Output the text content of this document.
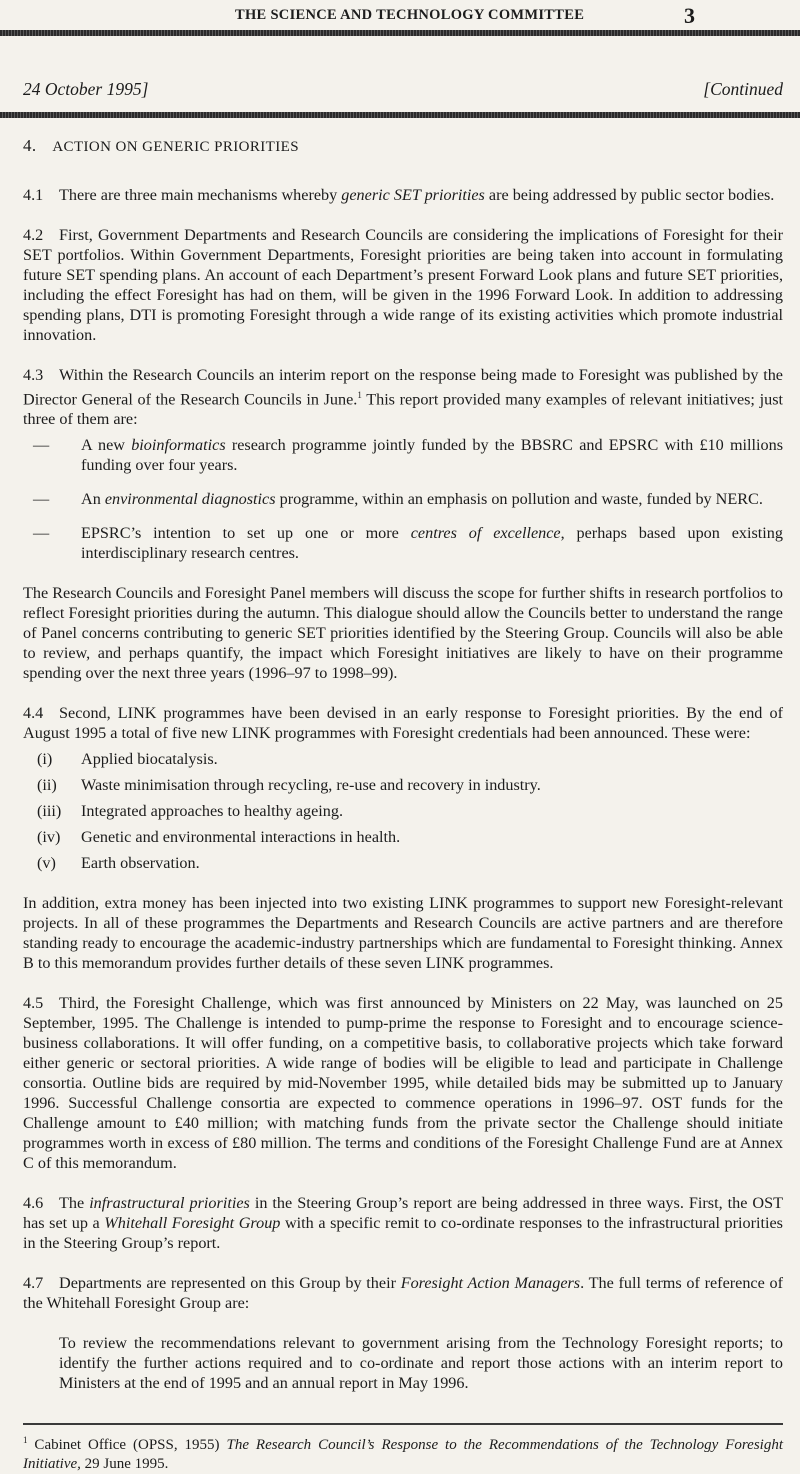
THE SCIENCE AND TECHNOLOGY COMMITTEE	3
24 October 1995]	[Continued
4. ACTION ON GENERIC PRIORITIES

4.1 There are three main mechanisms whereby generic SET priorities are being addressed by public sector bodies.

4.2 First, Government Departments and Research Councils are considering the implications of Foresight for their SET portfolios. Within Government Departments, Foresight priorities are being taken into account in formulating future SET spending plans. An account of each Department’s present Forward Look plans and future SET priorities, including the effect Foresight has had on them, will be given in the 1996 Forward Look. In addition to addressing spending plans, DTI is promoting Foresight through a wide range of its existing activities which promote industrial innovation.

4.3 Within the Research Councils an interim report on the response being made to Foresight was published by the Director General of the Research Councils in June.$^1$ This report provided many examples of relevant initiatives; just three of them are:

— A new bioinformatics research programme jointly funded by the BBSRC and EPSRC with £10 millions funding over four years.
— An environmental diagnostics programme, within an emphasis on pollution and waste, funded by NERC.
— EPSRC’s intention to set up one or more centres of excellence, perhaps based upon existing interdisciplinary research centres.

The Research Councils and Foresight Panel members will discuss the scope for further shifts in research portfolios to reflect Foresight priorities during the autumn. This dialogue should allow the Councils better to understand the range of Panel concerns contributing to generic SET priorities identified by the Steering Group. Councils will also be able to review, and perhaps quantify, the impact which Foresight initiatives are likely to have on their programme spending over the next three years (1996–97 to 1998–99).

4.4 Second, LINK programmes have been devised in an early response to Foresight priorities. By the end of August 1995 a total of five new LINK programmes with Foresight credentials had been announced. These were:

(i) Applied biocatalysis.
(ii) Waste minimisation through recycling, re-use and recovery in industry.
(iii) Integrated approaches to healthy ageing.
(iv) Genetic and environmental interactions in health.
(v) Earth observation.

In addition, extra money has been injected into two existing LINK programmes to support new Foresight-relevant projects. In all of these programmes the Departments and Research Councils are active partners and are therefore standing ready to encourage the academic-industry partnerships which are fundamental to Foresight thinking. Annex B to this memorandum provides further details of these seven LINK programmes.

4.5 Third, the Foresight Challenge, which was first announced by Ministers on 22 May, was launched on 25 September, 1995. The Challenge is intended to pump-prime the response to Foresight and to encourage science-business collaborations. It will offer funding, on a competitive basis, to collaborative projects which take forward either generic or sectoral priorities. A wide range of bodies will be eligible to lead and participate in Challenge consortia. Outline bids are required by mid-November 1995, while detailed bids may be submitted up to January 1996. Successful Challenge consortia are expected to commence operations in 1996–97. OST funds for the Challenge amount to £40 million; with matching funds from the private sector the Challenge should initiate programmes worth in excess of £80 million. The terms and conditions of the Foresight Challenge Fund are at Annex C of this memorandum.

4.6 The infrastructural priorities in the Steering Group’s report are being addressed in three ways. First, the OST has set up a Whitehall Foresight Group with a specific remit to co-ordinate responses to the infrastructural priorities in the Steering Group’s report.

4.7 Departments are represented on this Group by their Foresight Action Managers. The full terms of reference of the Whitehall Foresight Group are:

To review the recommendations relevant to government arising from the Technology Foresight reports; to identify the further actions required and to co-ordinate and report those actions with an interim report to Ministers at the end of 1995 and an annual report in May 1996.

$^1$ Cabinet Office (OPSS, 1955) The Research Council’s Response to the Recommendations of the Technology Foresight Initiative, 29 June 1995.
